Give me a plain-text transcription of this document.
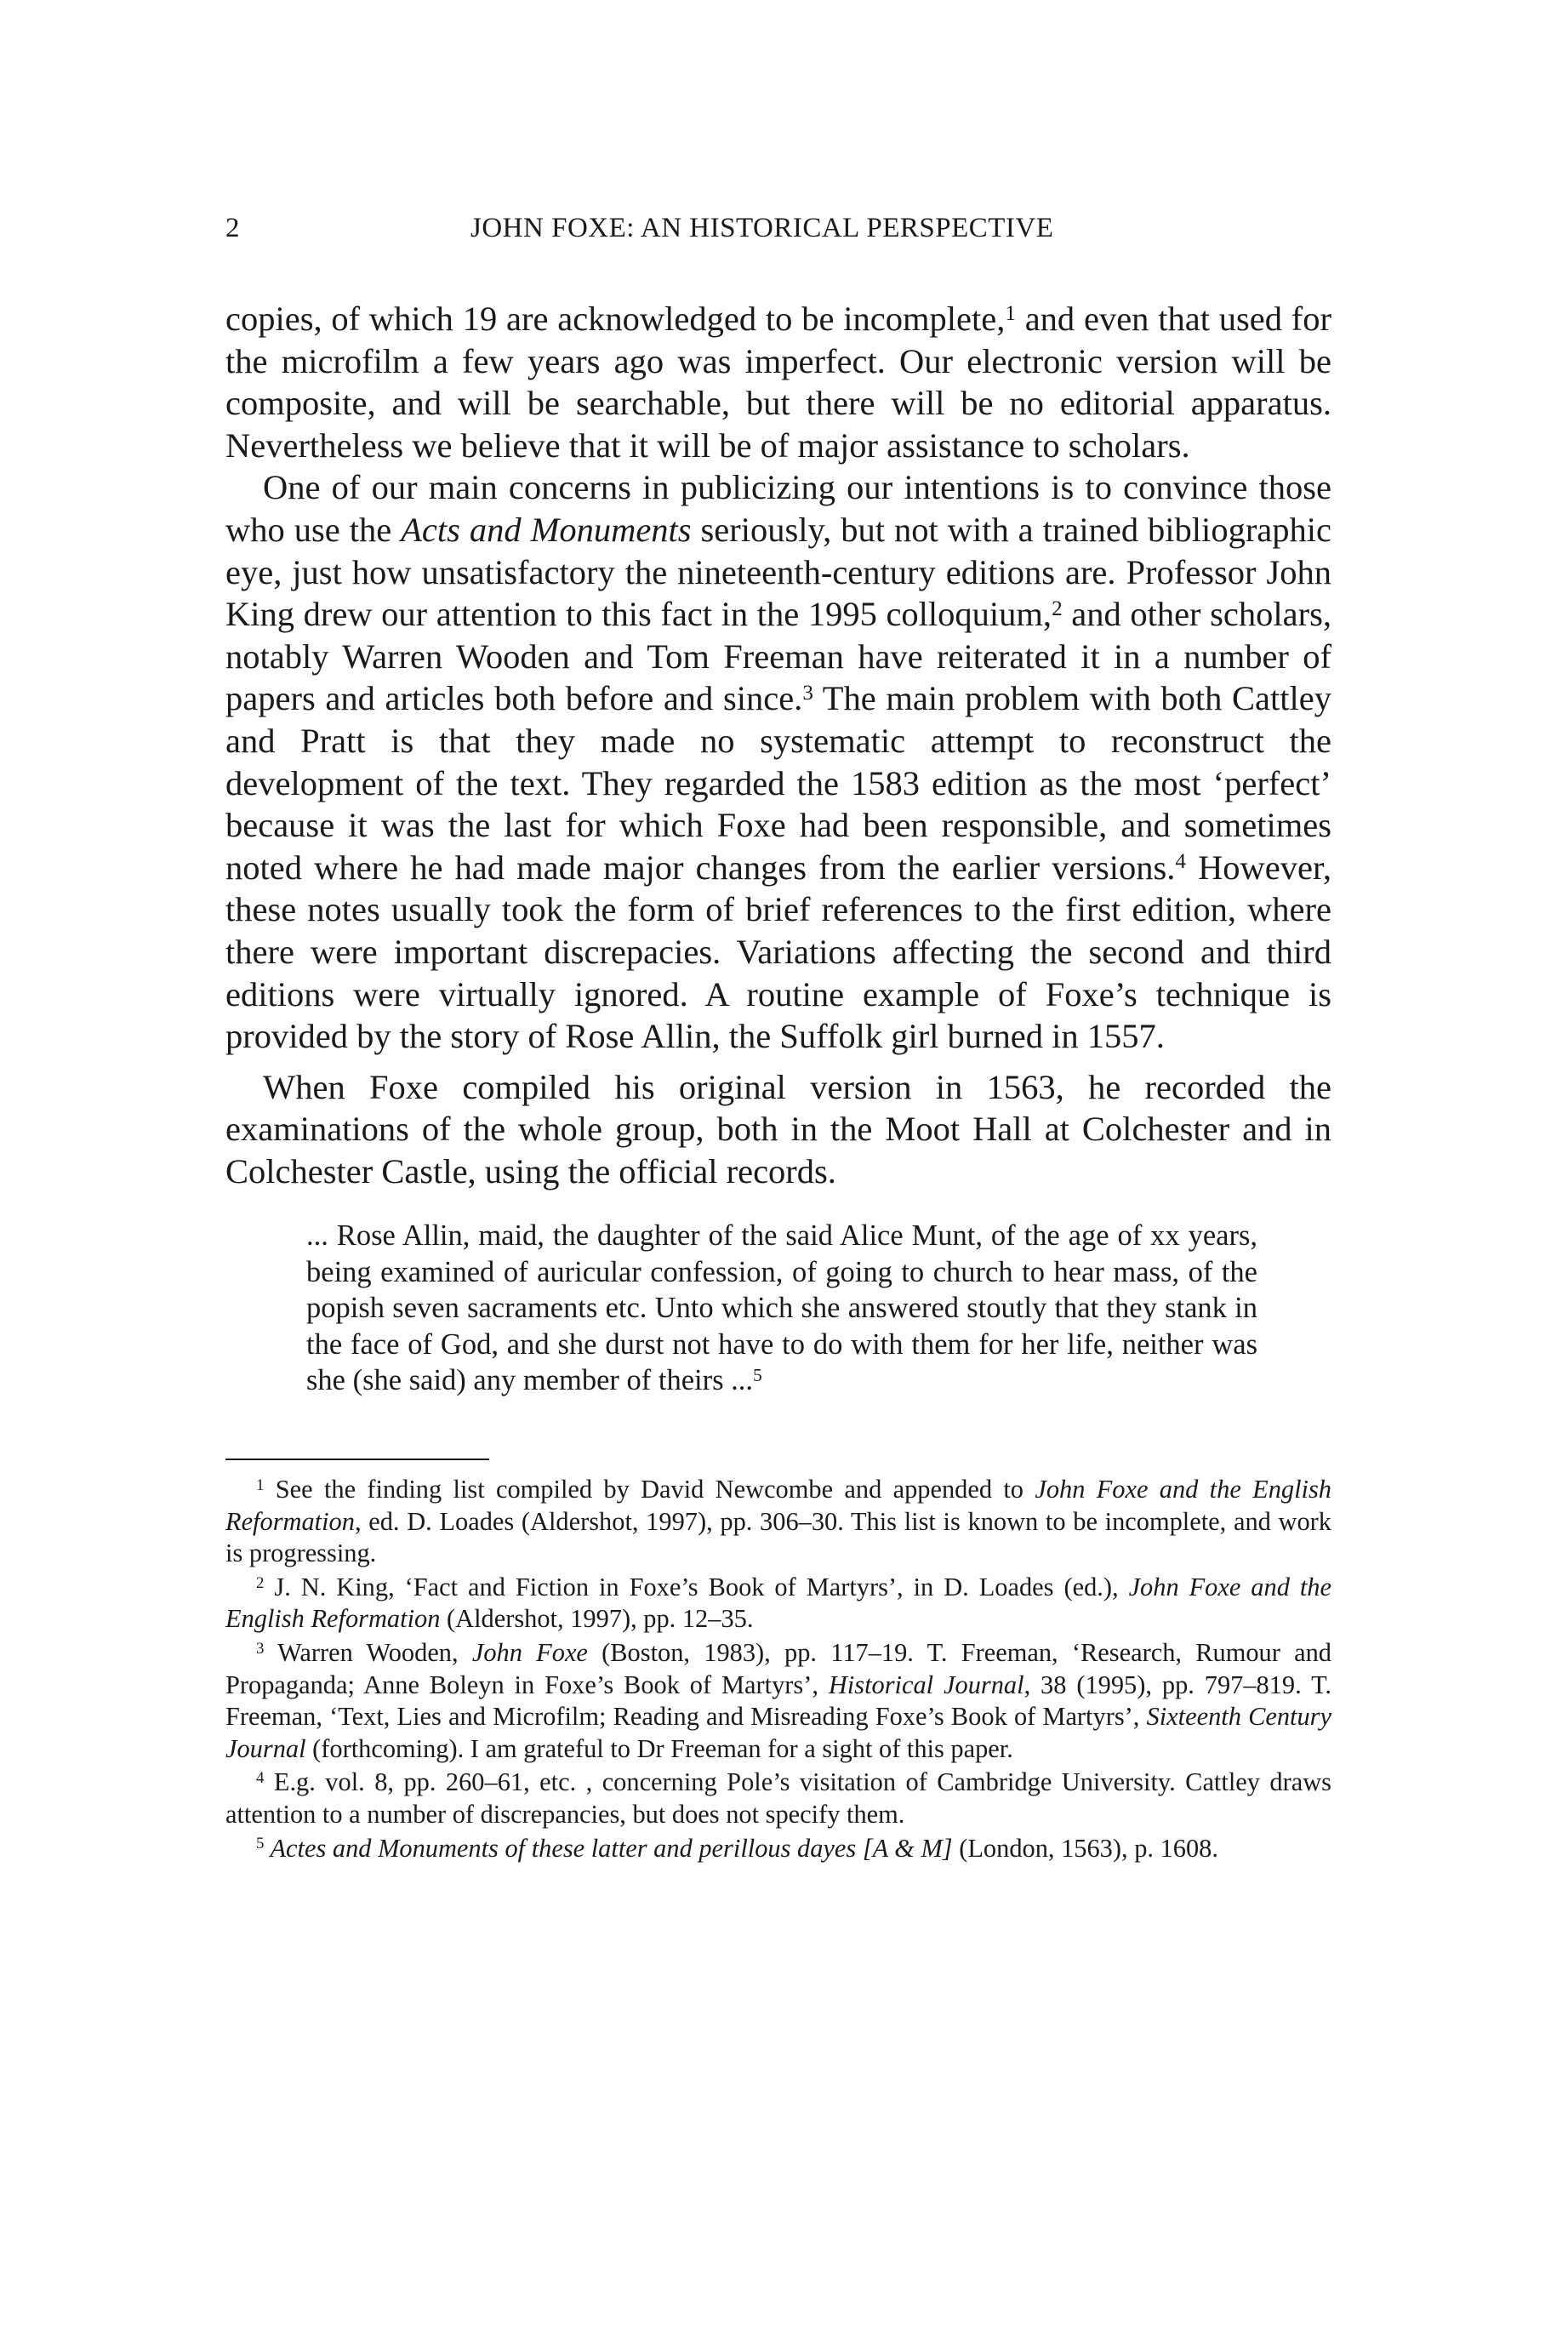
2	JOHN FOXE: AN HISTORICAL PERSPECTIVE

copies, of which 19 are acknowledged to be incomplete,$^1$ and even that used for the microfilm a few years ago was imperfect. Our electronic version will be composite, and will be searchable, but there will be no editorial apparatus. Nevertheless we believe that it will be of major assistance to scholars.

One of our main concerns in publicizing our intentions is to convince those who use the Acts and Monuments seriously, but not with a trained bibliographic eye, just how unsatisfactory the nineteenth-century editions are. Professor John King drew our attention to this fact in the 1995 colloquium,$^2$ and other scholars, notably Warren Wooden and Tom Freeman have reiterated it in a number of papers and articles both before and since.$^3$ The main problem with both Cattley and Pratt is that they made no systematic attempt to reconstruct the development of the text. They regarded the 1583 edition as the most ‘perfect’ because it was the last for which Foxe had been responsible, and sometimes noted where he had made major changes from the earlier versions.$^4$ However, these notes usually took the form of brief references to the first edition, where there were important discrepacies. Variations affecting the second and third editions were virtually ignored. A routine example of Foxe’s technique is provided by the story of Rose Allin, the Suffolk girl burned in 1557.

When Foxe compiled his original version in 1563, he recorded the examinations of the whole group, both in the Moot Hall at Colchester and in Colchester Castle, using the official records.

... Rose Allin, maid, the daughter of the said Alice Munt, of the age of xx years, being examined of auricular confession, of going to church to hear mass, of the popish seven sacraments etc. Unto which she answered stoutly that they stank in the face of God, and she durst not have to do with them for her life, neither was she (she said) any member of theirs ...$^5$

$^1$ See the finding list compiled by David Newcombe and appended to John Foxe and the English Reformation, ed. D. Loades (Aldershot, 1997), pp. 306–30. This list is known to be incomplete, and work is progressing.

$^2$ J. N. King, ‘Fact and Fiction in Foxe’s Book of Martyrs’, in D. Loades (ed.), John Foxe and the English Reformation (Aldershot, 1997), pp. 12–35.

$^3$ Warren Wooden, John Foxe (Boston, 1983), pp. 117–19. T. Freeman, ‘Research, Rumour and Propaganda; Anne Boleyn in Foxe’s Book of Martyrs’, Historical Journal, 38 (1995), pp. 797–819. T. Freeman, ‘Text, Lies and Microfilm; Reading and Misreading Foxe’s Book of Martyrs’, Sixteenth Century Journal (forthcoming). I am grateful to Dr Freeman for a sight of this paper.

$^4$ E.g. vol. 8, pp. 260–61, etc. , concerning Pole’s visitation of Cambridge University. Cattley draws attention to a number of discrepancies, but does not specify them.

$^5$ Actes and Monuments of these latter and perillous dayes [A & M] (London, 1563), p. 1608.
